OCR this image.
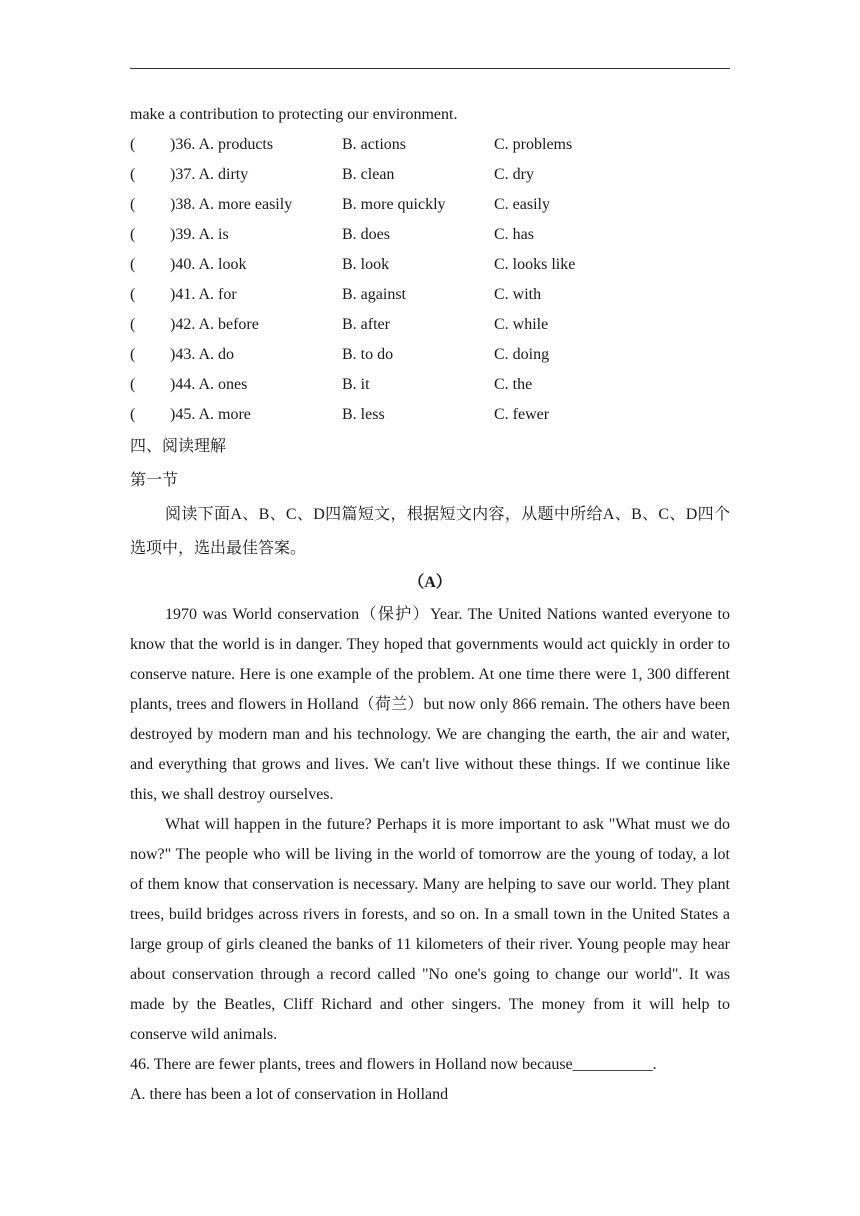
make a contribution to protecting our environment.
( )36. A. products	B. actions	C. problems
( )37. A. dirty	B. clean	C. dry
( )38. A. more easily	B. more quickly	C. easily
( )39. A. is	B. does	C. has
( )40. A. look	B. look	C. looks like
( )41. A. for	B. against	C. with
( )42. A. before	B. after	C. while
( )43. A. do	B. to do	C. doing
( )44. A. ones	B. it	C. the
( )45. A. more	B. less	C. fewer
四、阅读理解
第一节
阅读下面A、B、C、D四篇短文，根据短文内容，从题中所给A、B、C、D四个选项中，选出最佳答案。
（A）
1970 was World conservation（保护）Year. The United Nations wanted everyone to know that the world is in danger. They hoped that governments would act quickly in order to conserve nature. Here is one example of the problem. At one time there were 1, 300 different plants, trees and flowers in Holland（荷兰）but now only 866 remain. The others have been destroyed by modern man and his technology. We are changing the earth, the air and water, and everything that grows and lives. We can't live without these things. If we continue like this, we shall destroy ourselves.
What will happen in the future? Perhaps it is more important to ask "What must we do now?" The people who will be living in the world of tomorrow are the young of today, a lot of them know that conservation is necessary. Many are helping to save our world. They plant trees, build bridges across rivers in forests, and so on. In a small town in the United States a large group of girls cleaned the banks of 11 kilometers of their river. Young people may hear about conservation through a record called "No one's going to change our world". It was made by the Beatles, Cliff Richard and other singers. The money from it will help to conserve wild animals.
46. There are fewer plants, trees and flowers in Holland now because__________.
A. there has been a lot of conservation in Holland
